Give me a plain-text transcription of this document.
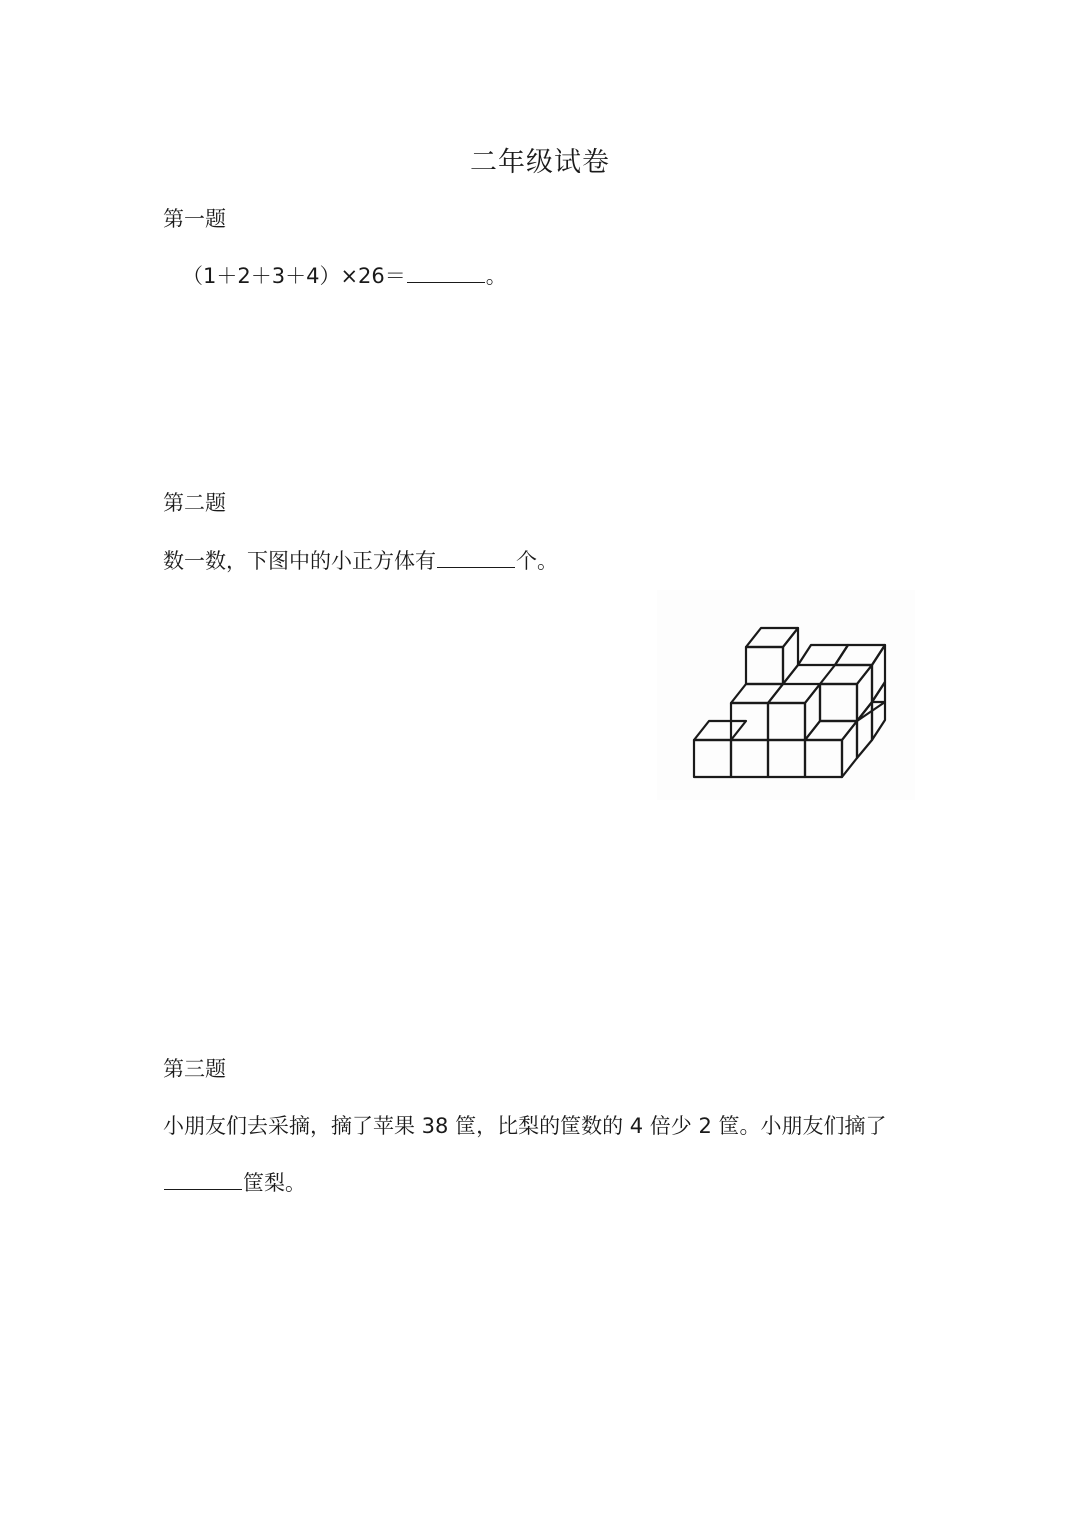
二年级试卷
第一题
（1＋2＋3＋4）×26＝	。
第二题
数一数，下图中的小正方体有	个。
第三题
小朋友们去采摘，摘了苹果 38 筐，比梨的筐数的 4 倍少 2 筐。小朋友们摘了
筐梨。
